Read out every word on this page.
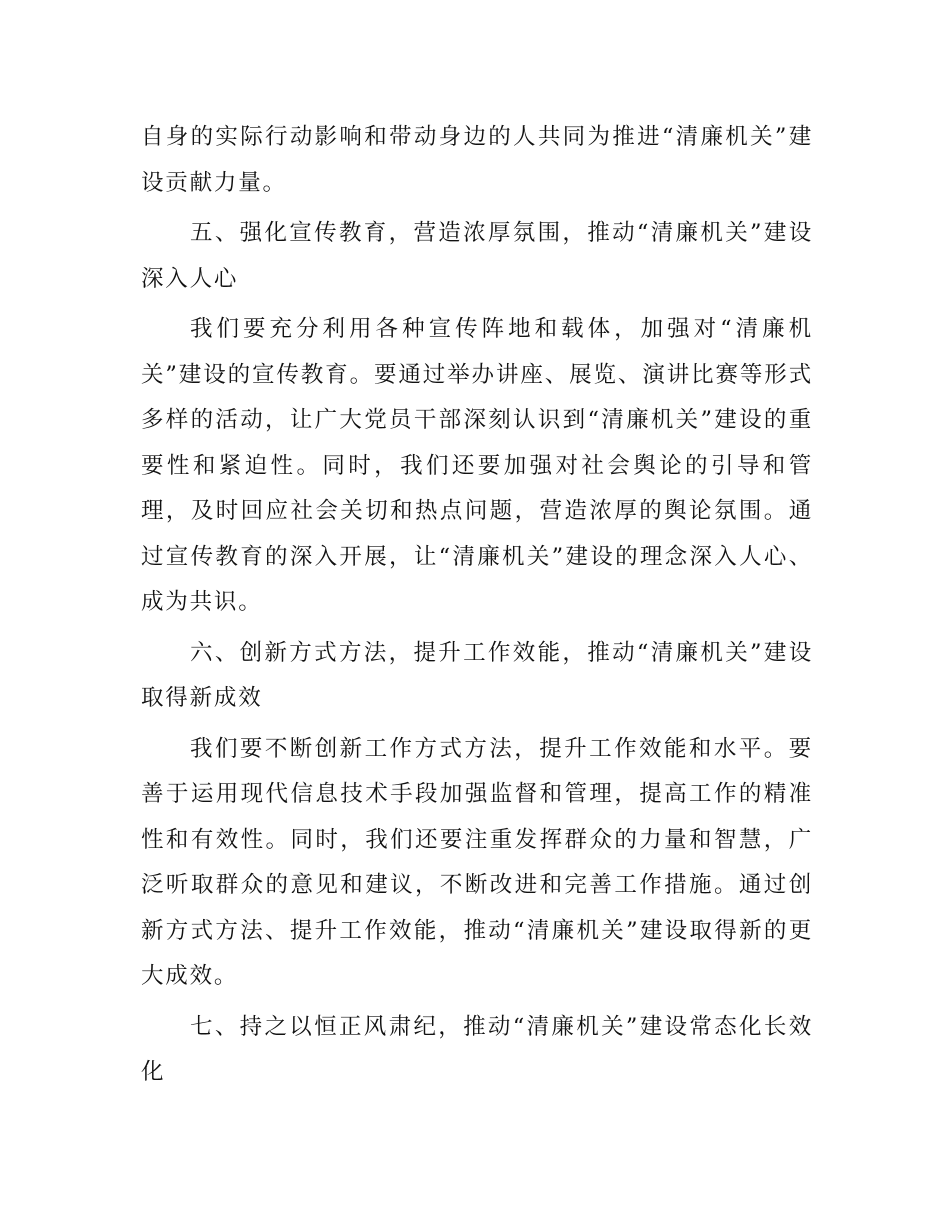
自身的实际行动影响和带动身边的人共同为推进“清廉机关”建设贡献力量。

五、强化宣传教育，营造浓厚氛围，推动“清廉机关”建设深入人心

我们要充分利用各种宣传阵地和载体，加强对“清廉机关”建设的宣传教育。要通过举办讲座、展览、演讲比赛等形式多样的活动，让广大党员干部深刻认识到“清廉机关”建设的重要性和紧迫性。同时，我们还要加强对社会舆论的引导和管理，及时回应社会关切和热点问题，营造浓厚的舆论氛围。通过宣传教育的深入开展，让“清廉机关”建设的理念深入人心、成为共识。

六、创新方式方法，提升工作效能，推动“清廉机关”建设取得新成效

我们要不断创新工作方式方法，提升工作效能和水平。要善于运用现代信息技术手段加强监督和管理，提高工作的精准性和有效性。同时，我们还要注重发挥群众的力量和智慧，广泛听取群众的意见和建议，不断改进和完善工作措施。通过创新方式方法、提升工作效能，推动“清廉机关”建设取得新的更大成效。

七、持之以恒正风肃纪，推动“清廉机关”建设常态化长效化
